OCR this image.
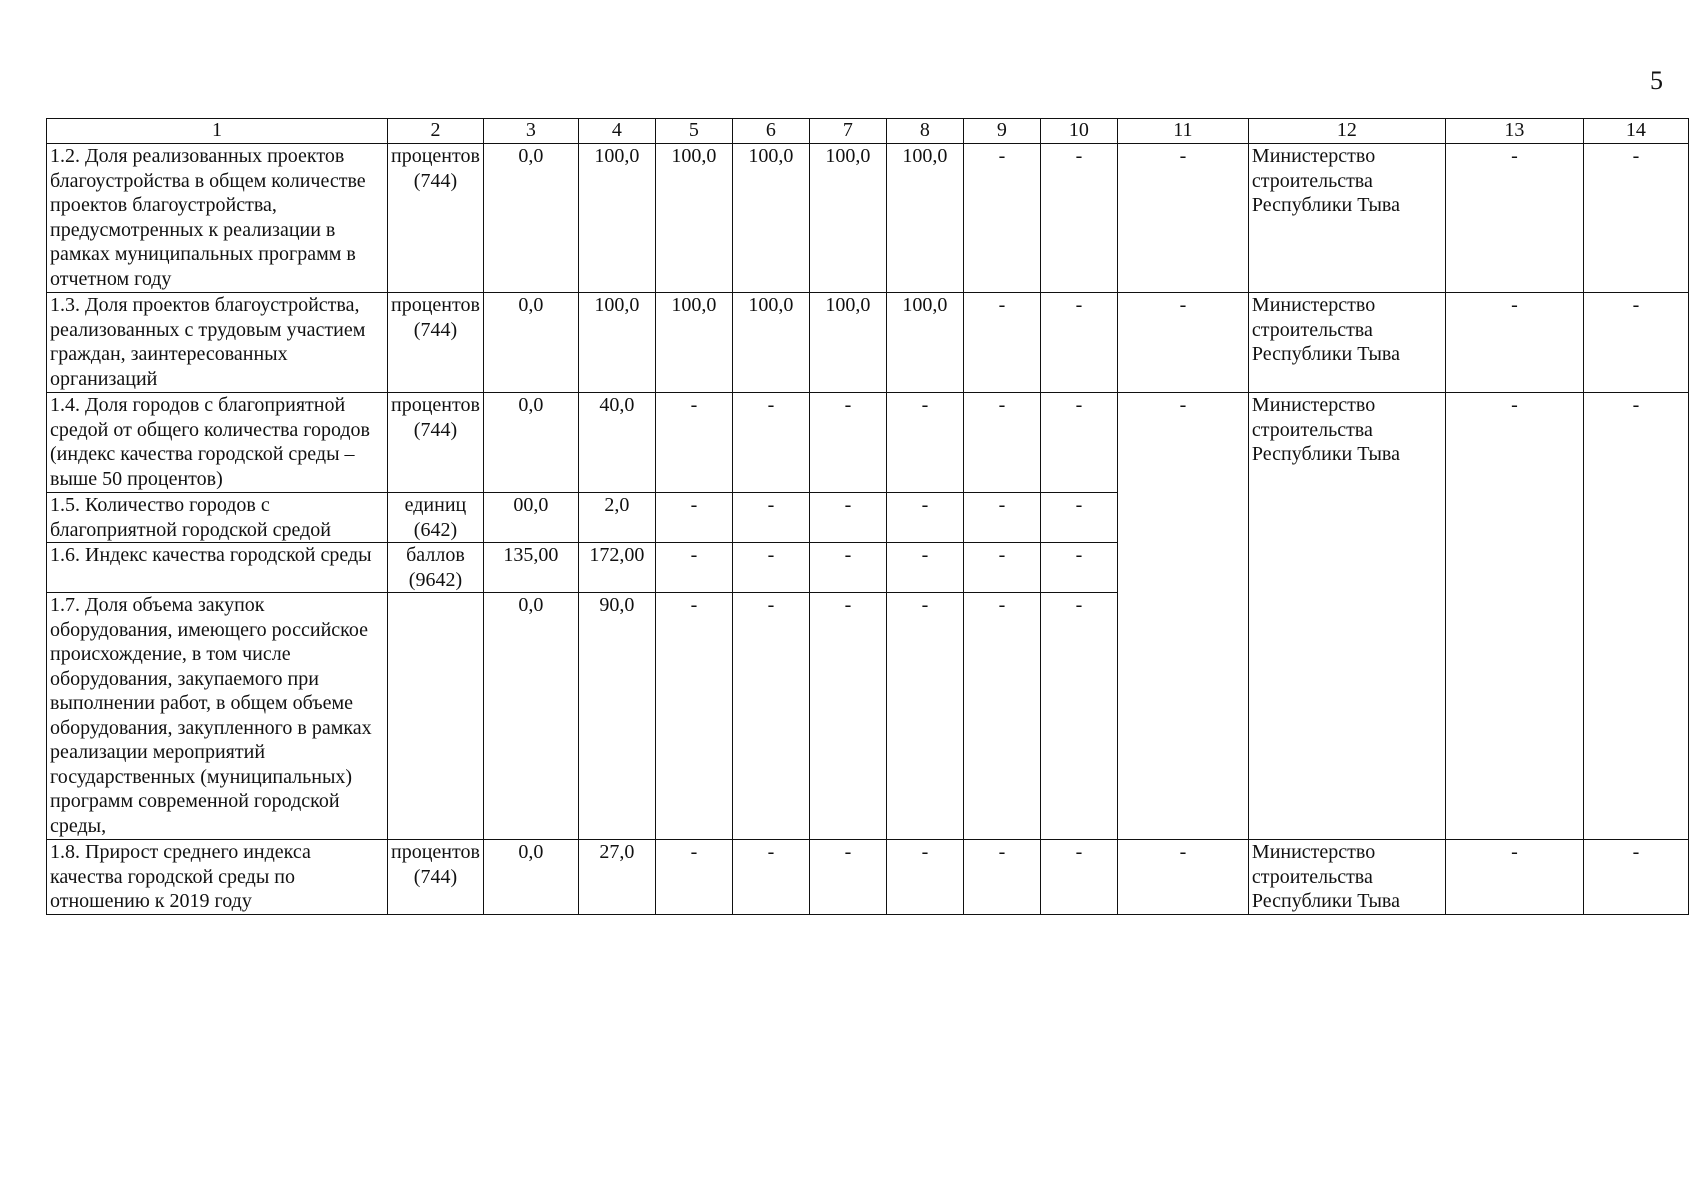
5
1	2	3	4	5	6	7	8	9	10	11	12	13	14
1.2. Доля реализованных проектов благоустройства в общем количестве проектов благоустройства, предусмотренных к реализации в рамках муниципальных программ в отчетном году	процентов (744)	0,0	100,0	100,0	100,0	100,0	100,0	-	-	-	Министерство строительства Республики Тыва	-	-
1.3. Доля проектов благоустройства, реализованных с трудовым участием граждан, заинтересованных организаций	процентов (744)	0,0	100,0	100,0	100,0	100,0	100,0	-	-	-	Министерство строительства Республики Тыва	-	-
1.4. Доля городов с благоприятной средой от общего количества городов (индекс качества городской среды – выше 50 процентов)	процентов (744)	0,0	40,0	-	-	-	-	-	-	-	Министерство строительства Республики Тыва	-	-
1.5. Количество городов с благоприятной городской средой	единиц (642)	00,0	2,0	-	-	-	-	-	-				
1.6. Индекс качества городской среды	баллов (9642)	135,00	172,00	-	-	-	-	-	-				
1.7. Доля объема закупок оборудования, имеющего российское происхождение, в том числе оборудования, закупаемого при выполнении работ, в общем объеме оборудования, закупленного в рамках реализации мероприятий государственных (муниципальных) программ современной городской среды,		0,0	90,0	-	-	-	-	-	-				
1.8. Прирост среднего индекса качества городской среды по отношению к 2019 году	процентов (744)	0,0	27,0	-	-	-	-	-	-	-	Министерство строительства Республики Тыва	-	-
